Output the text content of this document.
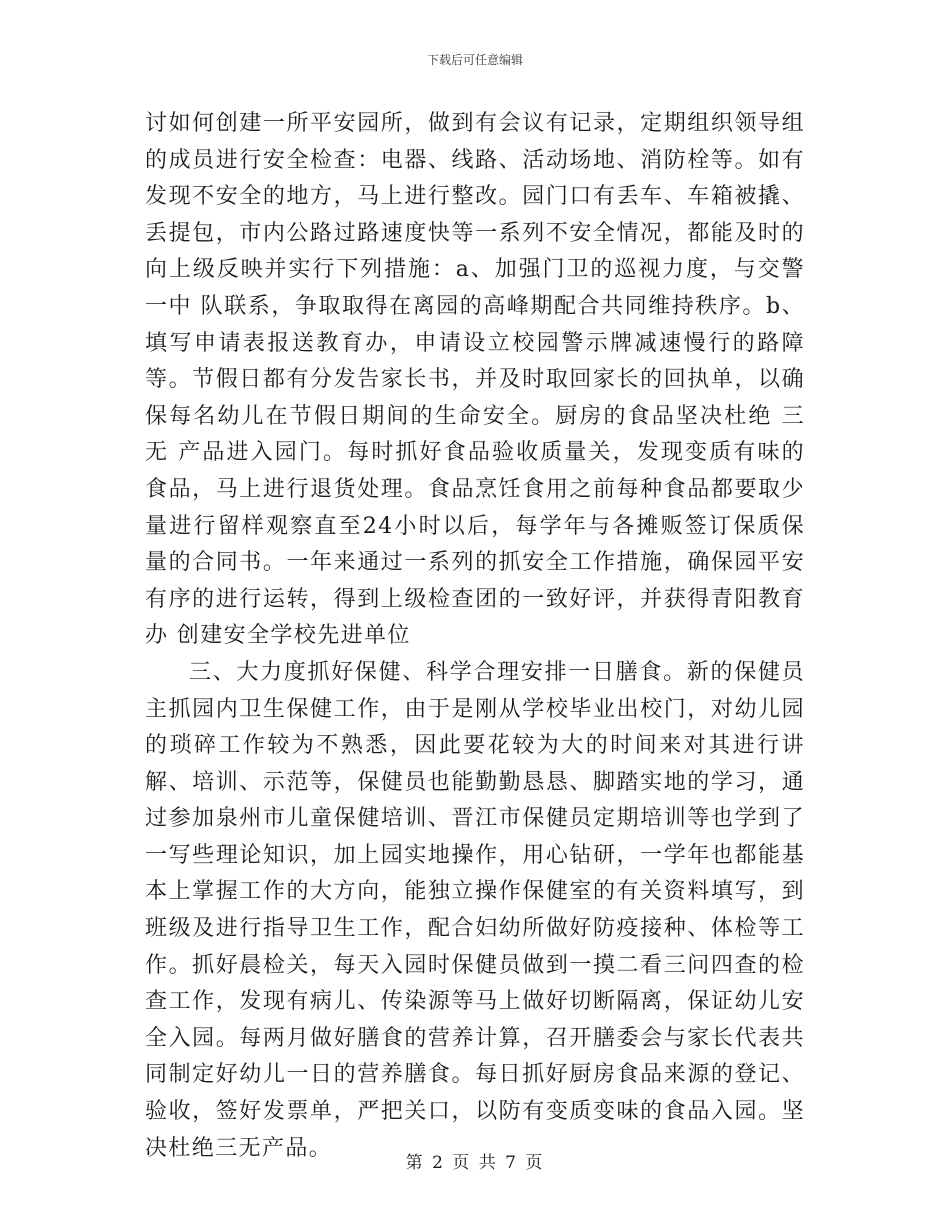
下载后可任意编辑

讨如何创建一所平安园所，做到有会议有记录，定期组织领导组的成员进行安全检查：电器、线路、活动场地、消防栓等。如有发现不安全的地方，马上进行整改。园门口有丢车、车箱被撬、丢提包，市内公路过路速度快等一系列不安全情况，都能及时的向上级反映并实行下列措施：a、加强门卫的巡视力度，与交警一中 队联系，争取取得在离园的高峰期配合共同维持秩序。b、填写申请表报送教育办，申请设立校园警示牌减速慢行的路障等。节假日都有分发告家长书，并及时取回家长的回执单，以确保每名幼儿在节假日期间的生命安全。厨房的食品坚决杜绝 三无 产品进入园门。每时抓好食品验收质量关，发现变质有味的食品，马上进行退货处理。食品烹饪食用之前每种食品都要取少量进行留样观察直至24小时以后，每学年与各摊贩签订保质保量的合同书。一年来通过一系列的抓安全工作措施，确保园平安有序的进行运转，得到上级检查团的一致好评，并获得青阳教育办 创建安全学校先进单位

三、大力度抓好保健、科学合理安排一日膳食。新的保健员主抓园内卫生保健工作，由于是刚从学校毕业出校门，对幼儿园的琐碎工作较为不熟悉，因此要花较为大的时间来对其进行讲解、培训、示范等，保健员也能勤勤恳恳、脚踏实地的学习，通过参加泉州市儿童保健培训、晋江市保健员定期培训等也学到了一写些理论知识，加上园实地操作，用心钻研，一学年也都能基本上掌握工作的大方向，能独立操作保健室的有关资料填写，到班级及进行指导卫生工作，配合妇幼所做好防疫接种、体检等工作。抓好晨检关，每天入园时保健员做到一摸二看三问四查的检查工作，发现有病儿、传染源等马上做好切断隔离，保证幼儿安全入园。每两月做好膳食的营养计算，召开膳委会与家长代表共同制定好幼儿一日的营养膳食。每日抓好厨房食品来源的登记、验收，签好发票单，严把关口，以防有变质变味的食品入园。坚决杜绝三无产品。

第 2 页 共 7 页
